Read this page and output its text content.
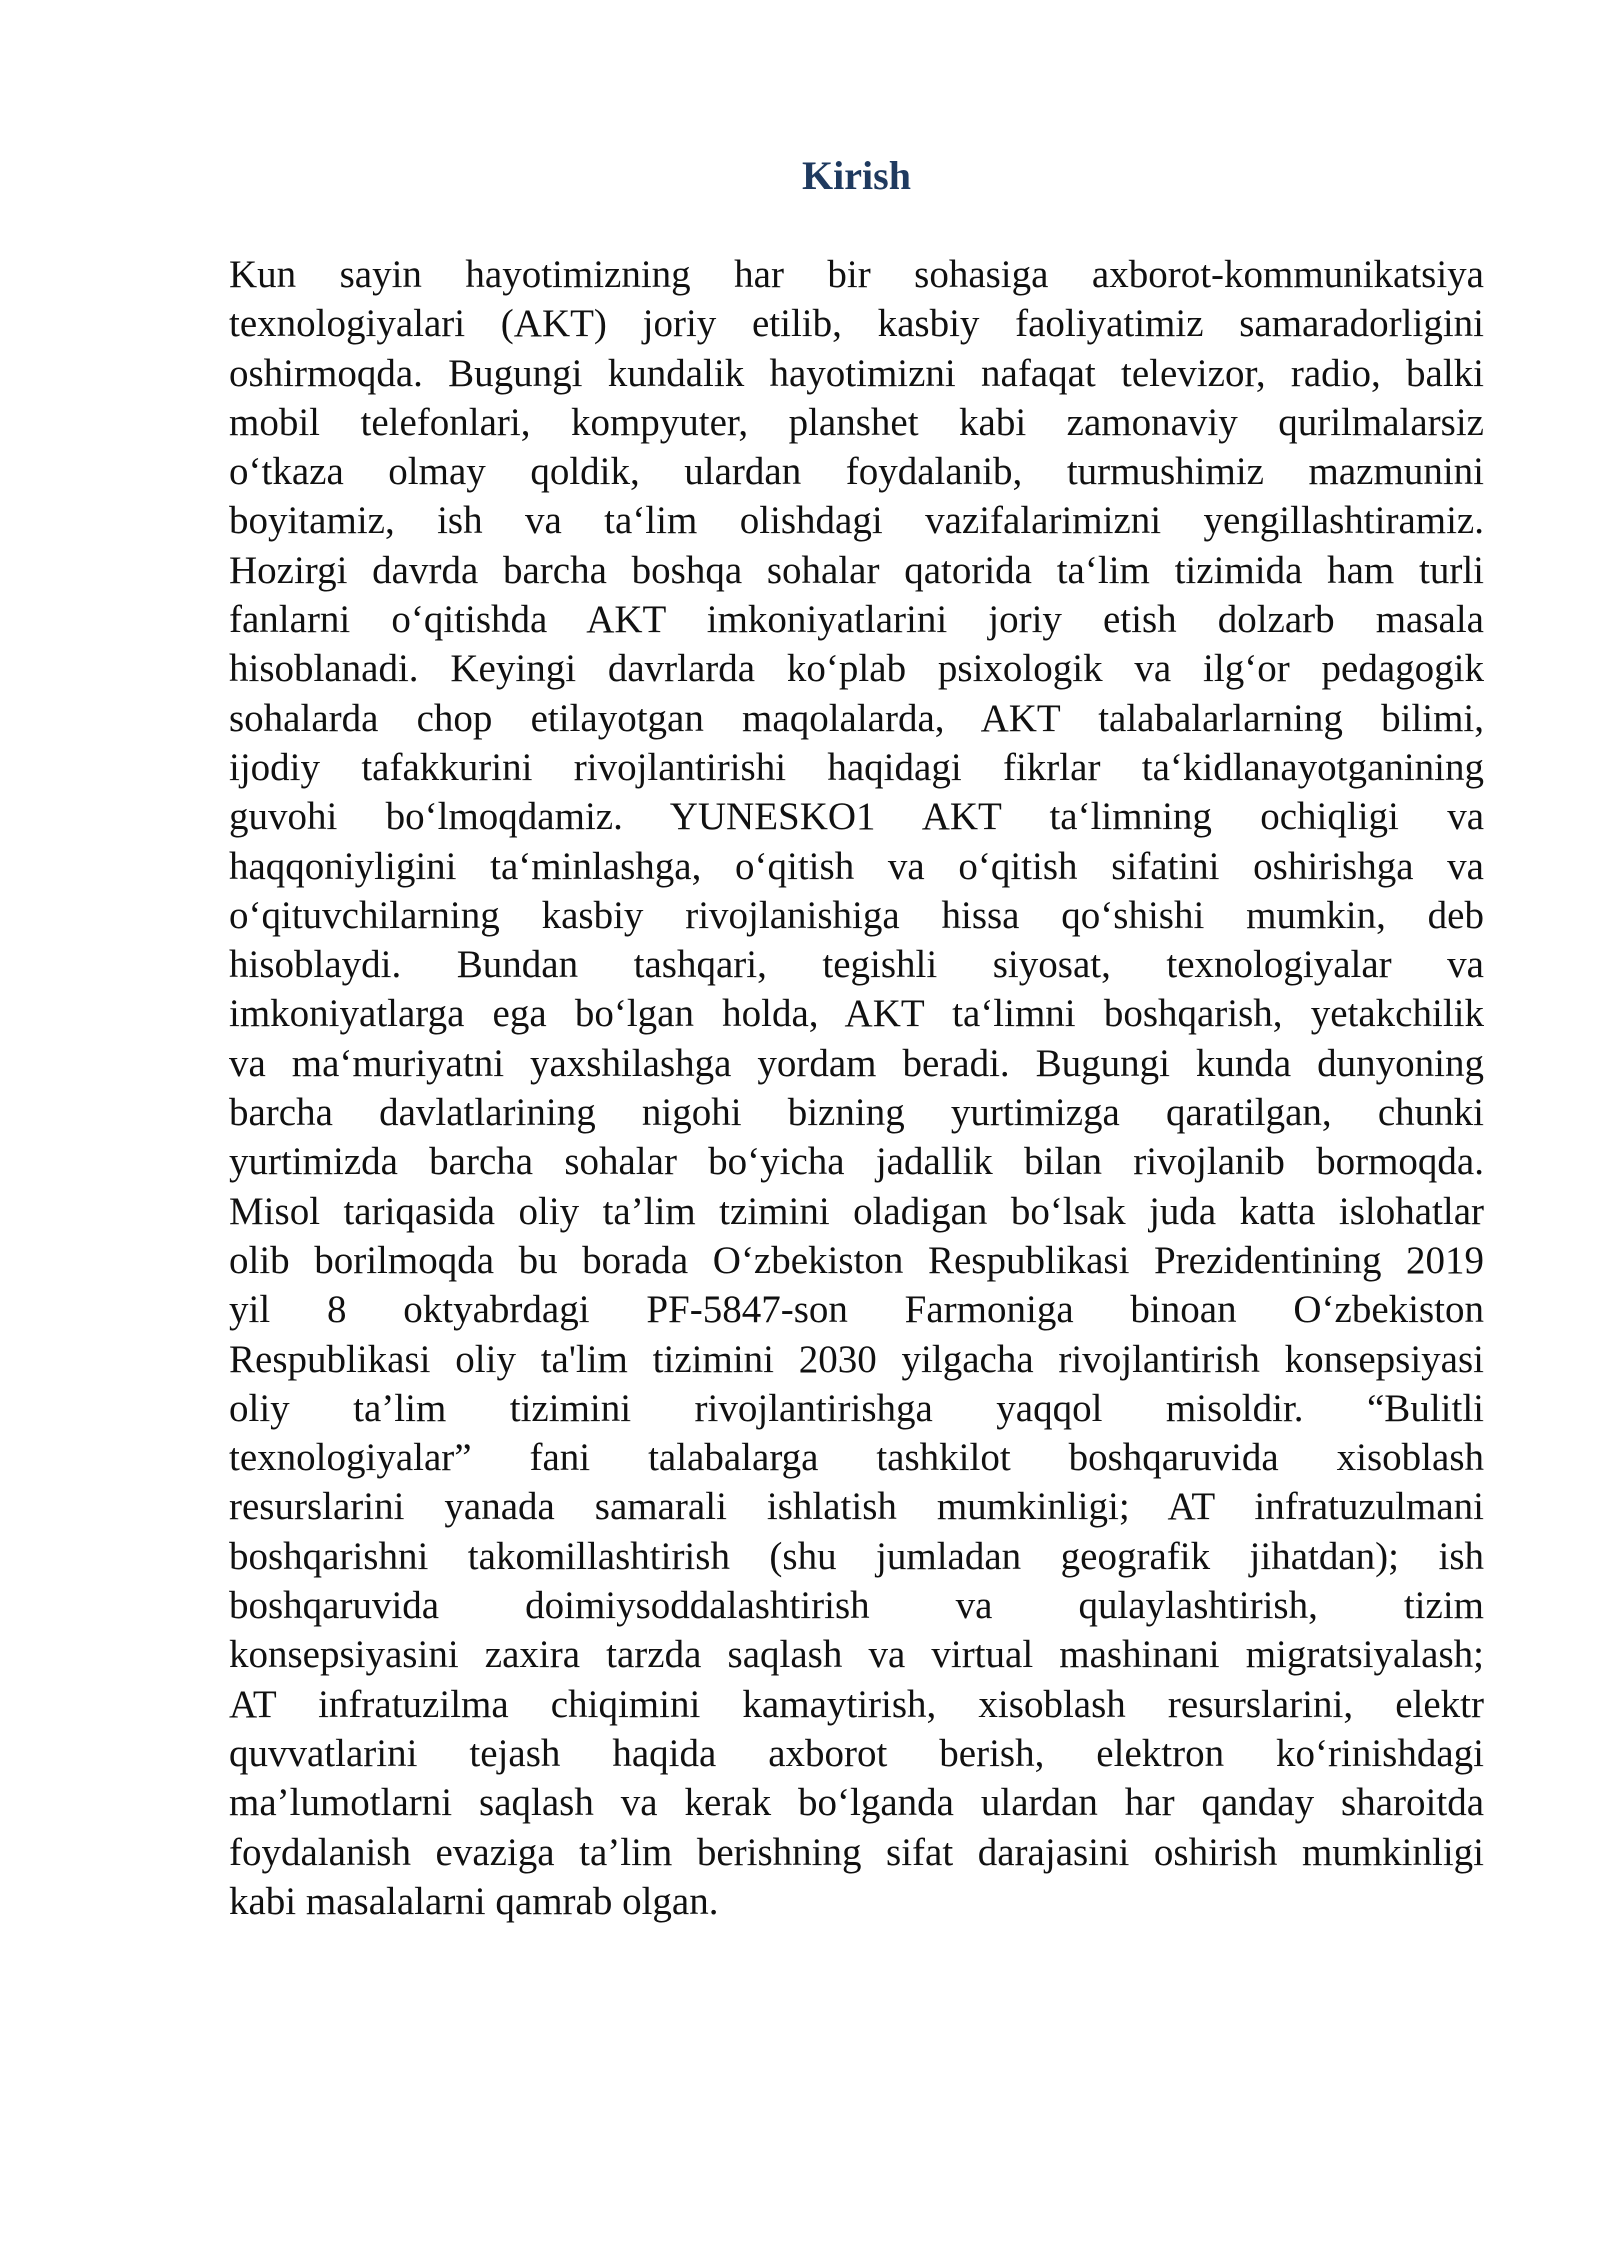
Kirish
Kun sayin hayotimizning har bir sohasiga axborot-kommunikatsiya
texnologiyalari (AKT) joriy etilib, kasbiy faoliyatimiz samaradorligini
oshirmoqda. Bugungi kundalik hayotimizni nafaqat televizor, radio, balki
mobil telefonlari, kompyuter, planshet kabi zamonaviy qurilmalarsiz
o‘tkaza olmay qoldik, ulardan foydalanib, turmushimiz mazmunini
boyitamiz, ish va ta‘lim olishdagi vazifalarimizni yengillashtiramiz.
Hozirgi davrda barcha boshqa sohalar qatorida ta‘lim tizimida ham turli
fanlarni o‘qitishda AKT imkoniyatlarini joriy etish dolzarb masala
hisoblanadi. Keyingi davrlarda ko‘plab psixologik va ilg‘or pedagogik
sohalarda chop etilayotgan maqolalarda, AKT talabalarlarning bilimi,
ijodiy tafakkurini rivojlantirishi haqidagi fikrlar ta‘kidlanayotganining
guvohi bo‘lmoqdamiz. YUNESKO1 AKT ta‘limning ochiqligi va
haqqoniyligini ta‘minlashga, o‘qitish va o‘qitish sifatini oshirishga va
o‘qituvchilarning kasbiy rivojlanishiga hissa qo‘shishi mumkin, deb
hisoblaydi. Bundan tashqari, tegishli siyosat, texnologiyalar va
imkoniyatlarga ega bo‘lgan holda, AKT ta‘limni boshqarish, yetakchilik
va ma‘muriyatni yaxshilashga yordam beradi. Bugungi kunda dunyoning
barcha davlatlarining nigohi bizning yurtimizga qaratilgan, chunki
yurtimizda barcha sohalar bo‘yicha jadallik bilan rivojlanib bormoqda.
Misol tariqasida oliy ta’lim tzimini oladigan bo‘lsak juda katta islohatlar
olib borilmoqda bu borada O‘zbekiston Respublikasi Prezidentining 2019
yil 8 oktyabrdagi PF-5847-son Farmoniga binoan O‘zbekiston
Respublikasi oliy ta'lim tizimini 2030 yilgacha rivojlantirish konsepsiyasi
oliy ta’lim tizimini rivojlantirishga yaqqol misoldir. “Bulitli
texnologiyalar” fani talabalarga tashkilot boshqaruvida xisoblash
resurslarini yanada samarali ishlatish mumkinligi; AT infratuzulmani
boshqarishni takomillashtirish (shu jumladan geografik jihatdan); ish
boshqaruvida doimiysoddalashtirish va qulaylashtirish, tizim
konsepsiyasini zaxira tarzda saqlash va virtual mashinani migratsiyalash;
AT infratuzilma chiqimini kamaytirish, xisoblash resurslarini, elektr
quvvatlarini tejash haqida axborot berish, elektron ko‘rinishdagi
ma’lumotlarni saqlash va kerak bo‘lganda ulardan har qanday sharoitda
foydalanish evaziga ta’lim berishning sifat darajasini oshirish mumkinligi
kabi masalalarni qamrab olgan.
